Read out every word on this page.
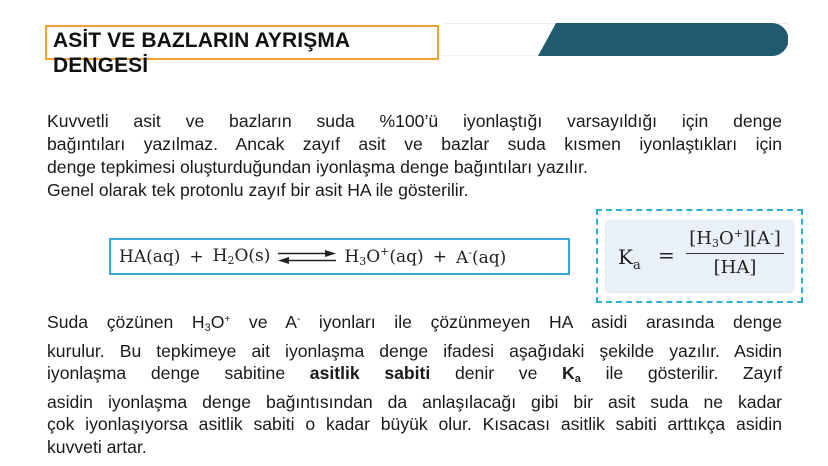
ASİT VE BAZLARIN AYRIŞMA
DENGESİ
Kuvvetli asit ve bazların suda %100’ü iyonlaştığı varsayıldığı için denge
bağıntıları yazılmaz. Ancak zayıf asit ve bazlar suda kısmen iyonlaştıkları için
denge tepkimesi oluşturduğundan iyonlaşma denge bağıntıları yazılır.
Genel olarak tek protonlu zayıf bir asit HA ile gösterilir.
$HA(aq) + H_2O(s)$ ⇌ $H_3O^+(aq) + A^-(aq)$	$K_a = \frac{[H_3O^+][A^-]}{[HA]}$
Suda çözünen H3O+ ve A- iyonları ile çözünmeyen HA asidi arasında denge
kurulur. Bu tepkimeye ait iyonlaşma denge ifadesi aşağıdaki şekilde yazılır. Asidin
iyonlaşma denge sabitine asitlik sabiti denir ve Ka ile gösterilir. Zayıf
asidin iyonlaşma denge bağıntısından da anlaşılacağı gibi bir asit suda ne kadar
çok iyonlaşıyorsa asitlik sabiti o kadar büyük olur. Kısacası asitlik sabiti arttıkça asidin
kuvveti artar.
